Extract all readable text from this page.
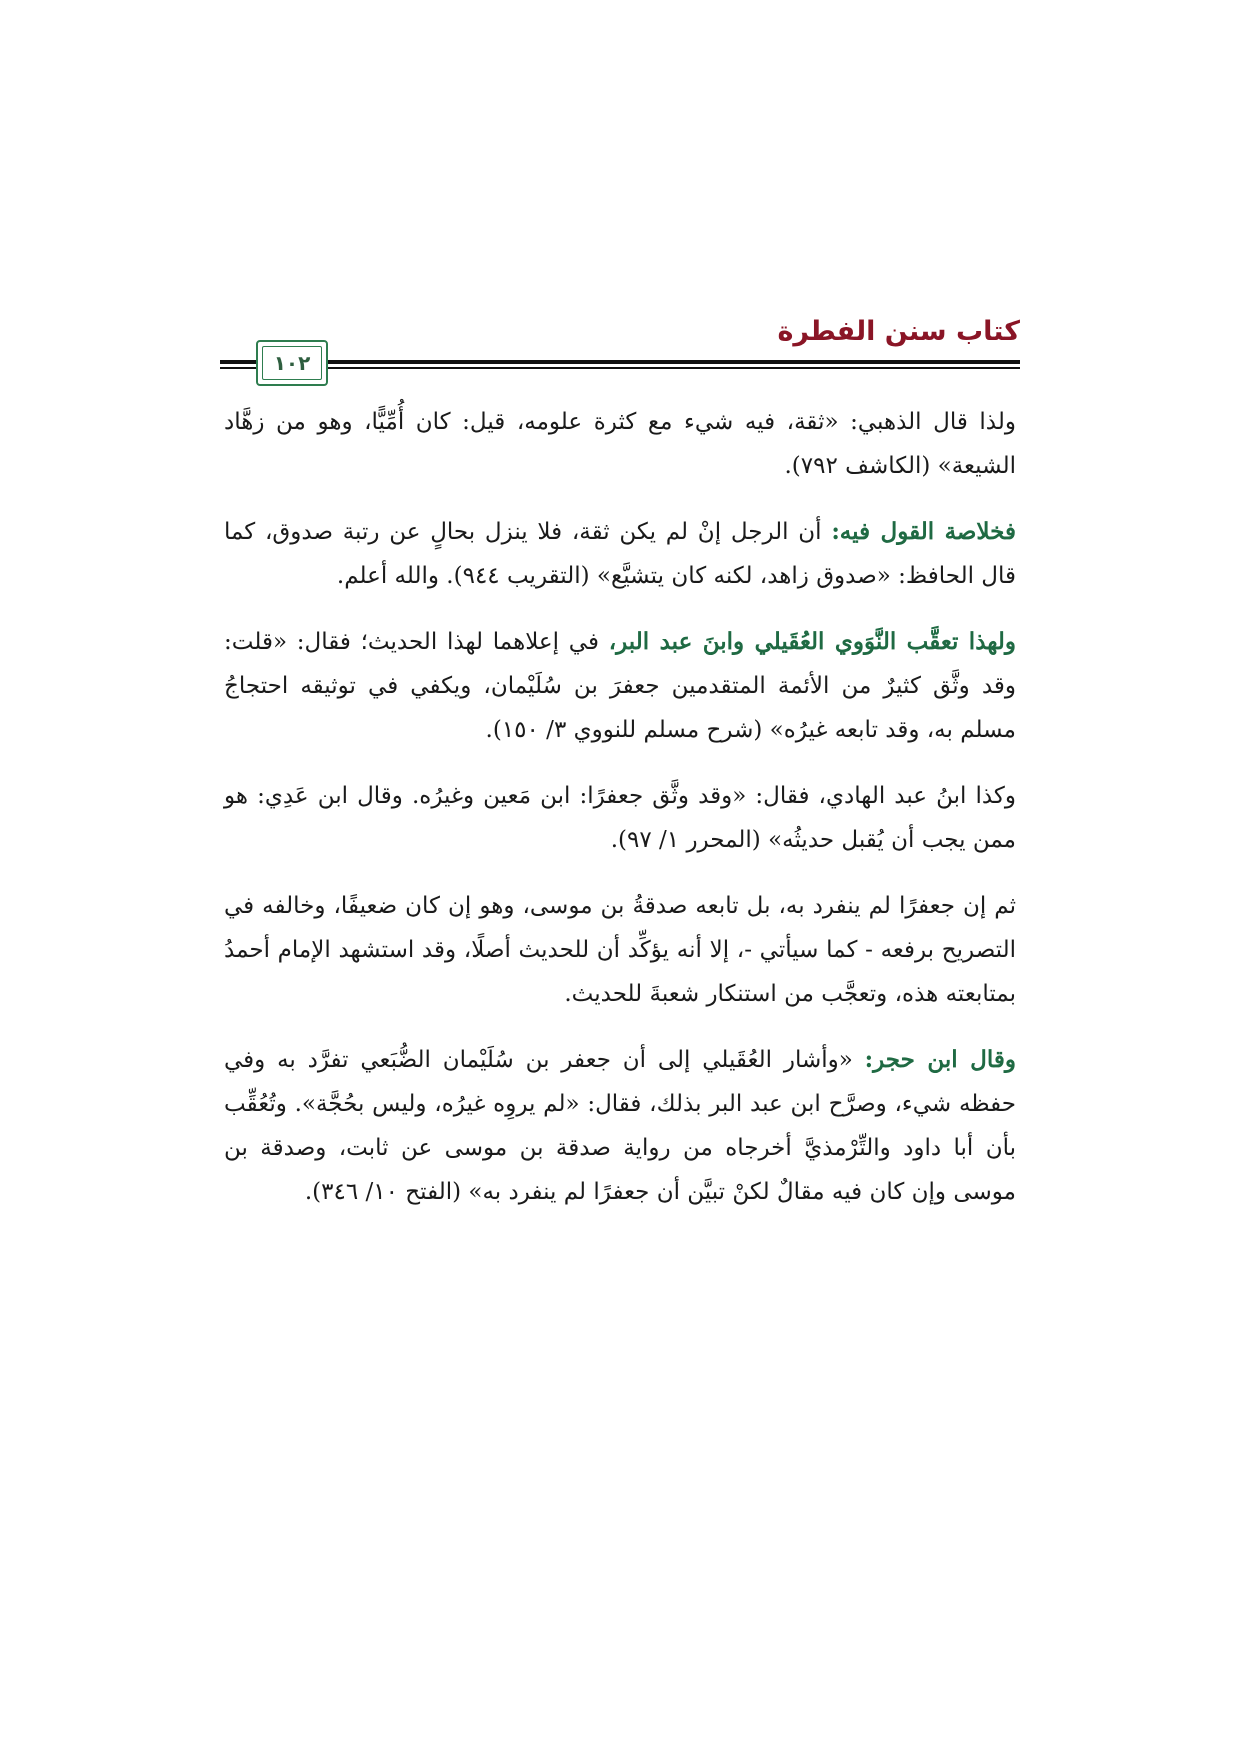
كتاب سنن الفطرة
١٠٢

ولذا قال الذهبي: «ثقة، فيه شيء مع كثرة علومه، قيل: كان أُمِّيًّا، وهو من زهَّاد الشيعة» (الكاشف ٧٩٢).

فخلاصة القول فيه: أن الرجل إنْ لم يكن ثقة، فلا ينزل بحالٍ عن رتبة صدوق، كما قال الحافظ: «صدوق زاهد، لكنه كان يتشيَّع» (التقريب ٩٤٤). والله أعلم.

ولهذا تعقَّب النَّوَوي العُقَيلي وابنَ عبد البر، في إعلاهما لهذا الحديث؛ فقال: «قلت: وقد وثَّق كثيرٌ من الأئمة المتقدمين جعفرَ بن سُلَيْمان، ويكفي في توثيقه احتجاجُ مسلم به، وقد تابعه غيرُه» (شرح مسلم للنووي ٣/ ١٥٠).

وكذا ابنُ عبد الهادي، فقال: «وقد وثَّق جعفرًا: ابن مَعين وغيرُه. وقال ابن عَدِي: هو ممن يجب أن يُقبل حديثُه» (المحرر ١/ ٩٧).

ثم إن جعفرًا لم ينفرد به، بل تابعه صدقةُ بن موسى، وهو إن كان ضعيفًا، وخالفه في التصريح برفعه - كما سيأتي -، إلا أنه يؤكِّد أن للحديث أصلًا، وقد استشهد الإمام أحمدُ بمتابعته هذه، وتعجَّب من استنكار شعبةَ للحديث.

وقال ابن حجر: «وأشار العُقَيلي إلى أن جعفر بن سُلَيْمان الضُّبَعي تفرَّد به وفي حفظه شيء، وصرَّح ابن عبد البر بذلك، فقال: «لم يروِه غيرُه، وليس بحُجَّة». وتُعُقِّب بأن أبا داود والتِّرْمذيَّ أخرجاه من رواية صدقة بن موسى عن ثابت، وصدقة بن موسى وإن كان فيه مقالٌ لكنْ تبيَّن أن جعفرًا لم ينفرد به» (الفتح ١٠/ ٣٤٦).
